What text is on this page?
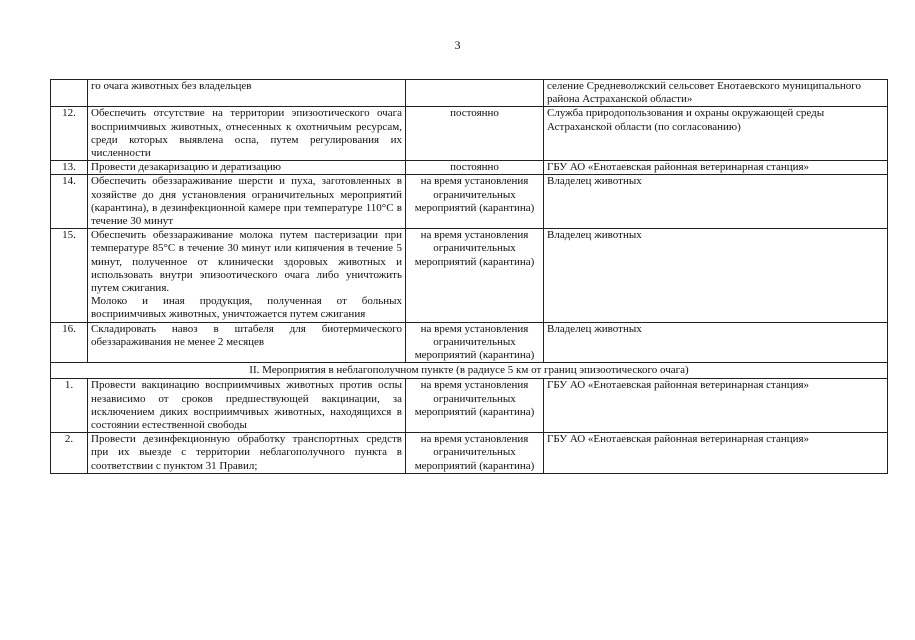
3

	го очага животных без владельцев		селение Средневолжский сельсовет Енотаевского муниципального района Астраханской области»
12.	Обеспечить отсутствие на территории эпизоотического очага восприимчивых животных, отнесенных к охотничьим ресурсам, среди которых выявлена оспа, путем регулирования их численности	постоянно	Служба природопользования и охраны окружающей среды Астраханской области (по согласованию)
13.	Провести дезакаризацию и дератизацию	постоянно	ГБУ АО «Енотаевская районная ветеринарная станция»
14.	Обеспечить обеззараживание шерсти и пуха, заготовленных в хозяйстве до дня установления ограничительных мероприятий (карантина), в дезинфекционной камере при температуре 110°С в течение 30 минут	на время установления ограничительных мероприятий (карантина)	Владелец животных
15.	Обеспечить обеззараживание молока путем пастеризации при температуре 85°С в течение 30 минут или кипячения в течение 5 минут, полученное от клинически здоровых животных и использовать внутри эпизоотического очага либо уничтожить путем сжигания.
Молоко и иная продукция, полученная от больных восприимчивых животных, уничтожается путем сжигания	на время установления ограничительных мероприятий (карантина)	Владелец животных
16.	Складировать навоз в штабеля для биотермического обеззараживания не менее 2 месяцев	на время установления ограничительных мероприятий (карантина)	Владелец животных
II. Мероприятия в неблагополучном пункте (в радиусе 5 км от границ эпизоотического очага)			
1.	Провести вакцинацию восприимчивых животных против оспы независимо от сроков предшествующей вакцинации, за исключением диких восприимчивых животных, находящихся в состоянии естественной свободы	на время установления ограничительных мероприятий (карантина)	ГБУ АО «Енотаевская районная ветеринарная станция»
2.	Провести дезинфекционную обработку транспортных средств при их выезде с территории неблагополучного пункта в соответствии с пунктом 31 Правил;	на время установления ограничительных мероприятий (карантина)	ГБУ АО «Енотаевская районная ветеринарная станция»
